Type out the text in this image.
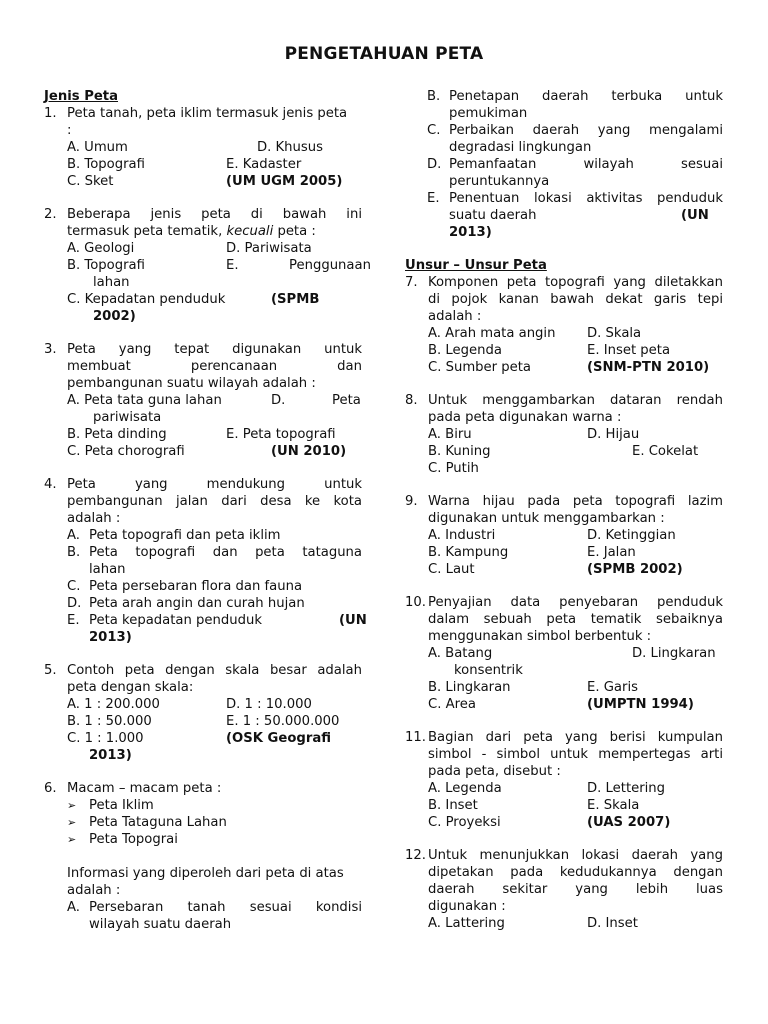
PENGETAHUAN PETA
Jenis Peta
1. Peta tanah, peta iklim termasuk jenis peta
:
A. Umum	D. Khusus
B. Topografi	E. Kadaster
C. Sket	(UM UGM 2005)
2. Beberapa jenis peta di bawah ini
termasuk peta tematik, kecuali peta :
A. Geologi	D. Pariwisata
B. Topografi	E.	Penggunaan
lahan
C. Kepadatan penduduk	(SPMB
2002)
3. Peta yang tepat digunakan untuk
membuat perencanaan dan
pembangunan suatu wilayah adalah :
A. Peta tata guna lahan	D.	Peta
pariwisata
B. Peta dinding	E. Peta topografi
C. Peta chorografi	(UN 2010)
4. Peta yang mendukung untuk
pembangunan jalan dari desa ke kota
adalah :
A. Peta topografi dan peta iklim
B. Peta topografi dan peta tataguna
lahan
C. Peta persebaran flora dan fauna
D. Peta arah angin dan curah hujan
E. Peta kepadatan penduduk	(UN
2013)
5. Contoh peta dengan skala besar adalah
peta dengan skala:
A. 1 : 200.000	D. 1 : 10.000
B. 1 : 50.000	E. 1 : 50.000.000
C. 1 : 1.000	(OSK Geografi
2013)
6. Macam – macam peta :
➢ Peta Iklim
➢ Peta Tataguna Lahan
➢ Peta Topograi
Informasi yang diperoleh dari peta di atas
adalah :
A. Persebaran tanah sesuai kondisi
wilayah suatu daerah
B. Penetapan daerah terbuka untuk
pemukiman
C. Perbaikan daerah yang mengalami
degradasi lingkungan
D. Pemanfaatan wilayah sesuai
peruntukannya
E. Penentuan lokasi aktivitas penduduk
suatu daerah	(UN
2013)
Unsur – Unsur Peta
7. Komponen peta topografi yang diletakkan
di pojok kanan bawah dekat garis tepi
adalah :
A. Arah mata angin D. Skala
B. Legenda	E. Inset peta
C. Sumber peta	(SNM-PTN 2010)
8. Untuk menggambarkan dataran rendah
pada peta digunakan warna :
A. Biru	D. Hijau
B. Kuning	E. Cokelat
C. Putih
9. Warna hijau pada peta topografi lazim
digunakan untuk menggambarkan :
A. Industri	D. Ketinggian
B. Kampung	E. Jalan
C. Laut	(SPMB 2002)
10. Penyajian data penyebaran penduduk
dalam sebuah peta tematik sebaiknya
menggunakan simbol berbentuk :
A. Batang	D. Lingkaran
konsentrik
B. Lingkaran	E. Garis
C. Area	(UMPTN 1994)
11. Bagian dari peta yang berisi kumpulan
simbol - simbol untuk mempertegas arti
pada peta, disebut :
A. Legenda	D. Lettering
B. Inset	E. Skala
C. Proyeksi	(UAS 2007)
12. Untuk menunjukkan lokasi daerah yang
dipetakan pada kedudukannya dengan
daerah sekitar yang lebih luas
digunakan :
A. Lattering	D. Inset
